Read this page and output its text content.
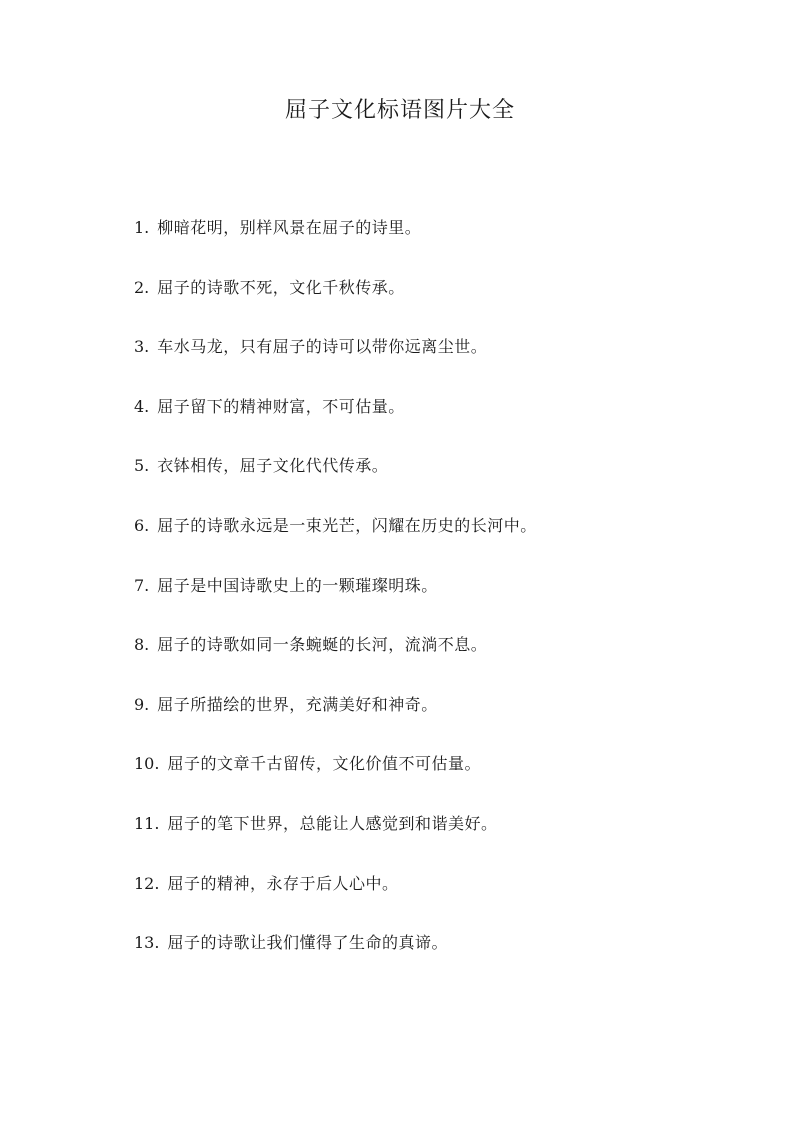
屈子文化标语图片大全
1. 柳暗花明，别样风景在屈子的诗里。
2. 屈子的诗歌不死，文化千秋传承。
3. 车水马龙，只有屈子的诗可以带你远离尘世。
4. 屈子留下的精神财富，不可估量。
5. 衣钵相传，屈子文化代代传承。
6. 屈子的诗歌永远是一束光芒，闪耀在历史的长河中。
7. 屈子是中国诗歌史上的一颗璀璨明珠。
8. 屈子的诗歌如同一条蜿蜒的长河，流淌不息。
9. 屈子所描绘的世界，充满美好和神奇。
10. 屈子的文章千古留传，文化价值不可估量。
11. 屈子的笔下世界，总能让人感觉到和谐美好。
12. 屈子的精神，永存于后人心中。
13. 屈子的诗歌让我们懂得了生命的真谛。
